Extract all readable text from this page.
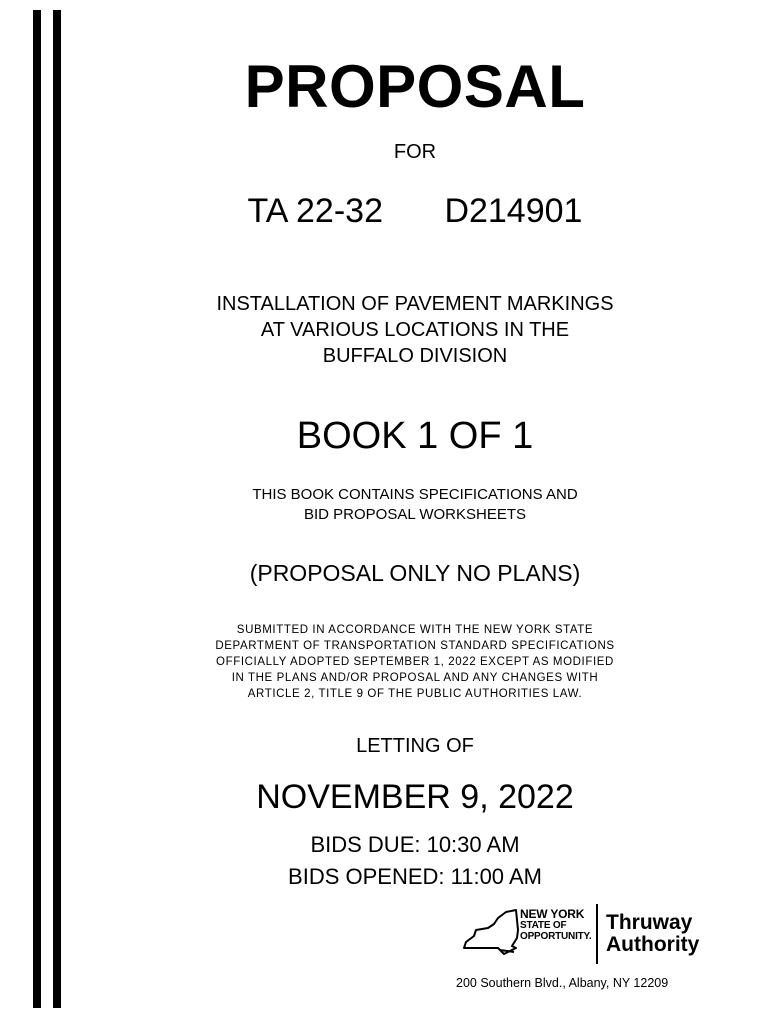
PROPOSAL
FOR
TA 22-32 D214901
INSTALLATION OF PAVEMENT MARKINGS
AT VARIOUS LOCATIONS IN THE
BUFFALO DIVISION
BOOK 1 OF 1
THIS BOOK CONTAINS SPECIFICATIONS AND
BID PROPOSAL WORKSHEETS
(PROPOSAL ONLY NO PLANS)
SUBMITTED IN ACCORDANCE WITH THE NEW YORK STATE
DEPARTMENT OF TRANSPORTATION STANDARD SPECIFICATIONS
OFFICIALLY ADOPTED SEPTEMBER 1, 2022 EXCEPT AS MODIFIED
IN THE PLANS AND/OR PROPOSAL AND ANY CHANGES WITH
ARTICLE 2, TITLE 9 OF THE PUBLIC AUTHORITIES LAW.
LETTING OF
NOVEMBER 9, 2022
BIDS DUE: 10:30 AM
BIDS OPENED: 11:00 AM
NEW YORK
STATE OF
OPPORTUNITY.
Thruway
Authority
200 Southern Blvd., Albany, NY 12209
